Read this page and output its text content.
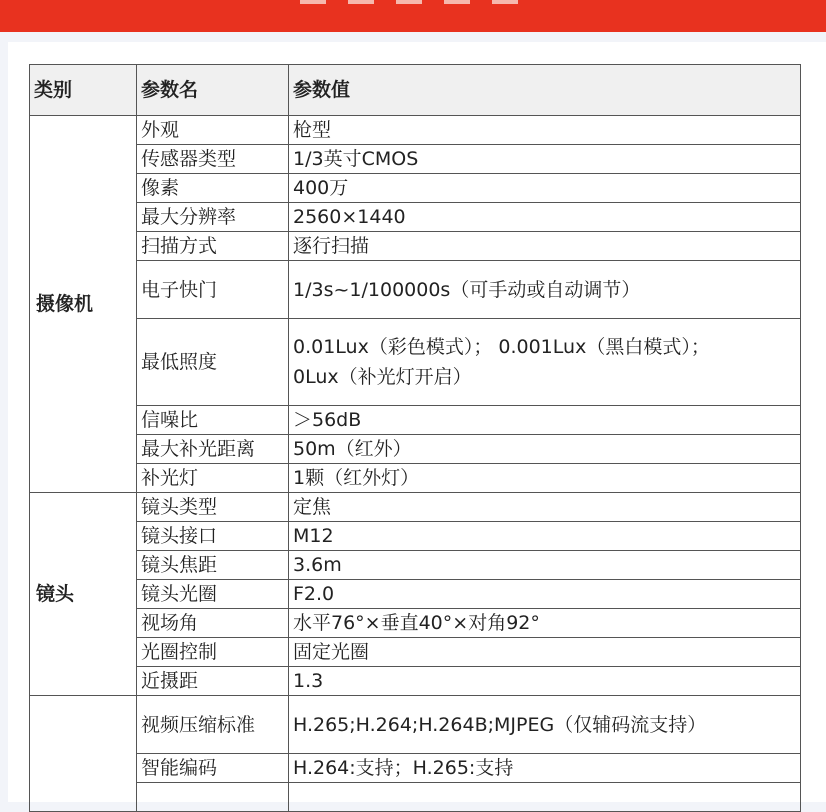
类别	参数名	参数值
摄像机	外观	枪型
	传感器类型	1/3英寸CMOS
	像素	400万
	最大分辨率	2560×1440
	扫描方式	逐行扫描
	电子快门	1/3s~1/100000s（可手动或自动调节）
	最低照度	0.01Lux（彩色模式）； 0.001Lux（黑白模式）；
0Lux（补光灯开启）

	信噪比	＞56dB
	最大补光距离	50m（红外）
	补光灯	1颗（红外灯）
镜头	镜头类型	定焦
	镜头接口	M12
	镜头焦距	3.6m
	镜头光圈	F2.0
	视场角	水平76°×垂直40°×对角92°
	光圈控制	固定光圈
	近摄距	1.3
	视频压缩标准	H.265;H.264;H.264B;MJPEG（仅辅码流支持）
	智能编码	H.264:支持；H.265:支持
